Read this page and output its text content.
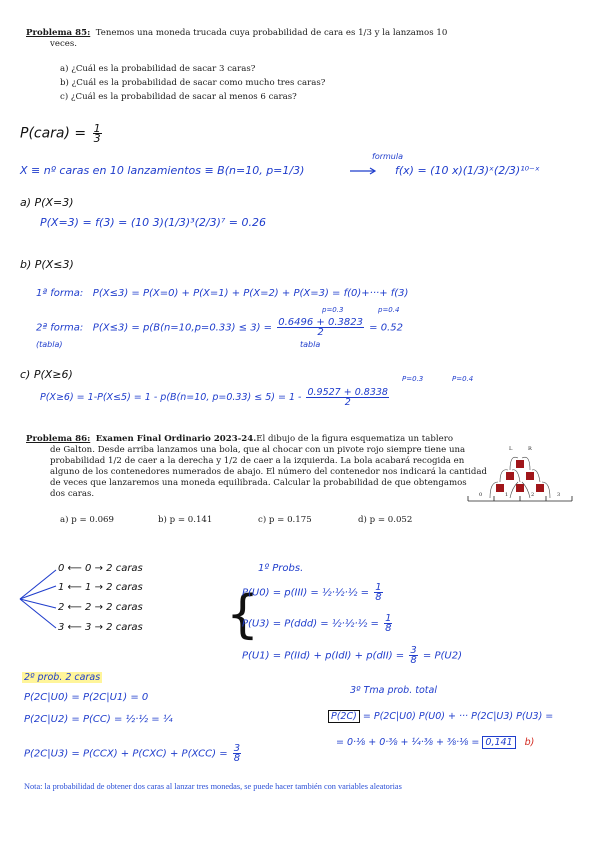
Problema 85: Tenemos una moneda trucada cuya probabilidad de cara es 1/3 y la lanzamos 10
veces.
a) ¿Cuál es la probabilidad de sacar 3 caras?
b) ¿Cuál es la probabilidad de sacar como mucho tres caras?
c) ¿Cuál es la probabilidad de sacar al menos 6 caras?
P(cara) = $\frac{1}{3}$
formula
X ≡ nº caras en 10 lanzamientos ≡ B(n=10, p=1/3)	f(x) = (10 x)(1/3)ˣ(2/3)¹⁰⁻ˣ
a) P(X=3)
P(X=3) = f(3) = (10 3)(1/3)³(2/3)⁷ = 0.26
b) P(X≤3)
1ª forma: P(X≤3) = P(X=0) + P(X=1) + P(X=2) + P(X=3) = f(0)+···+ f(3)
p=0.3	p=0.4
2ª forma: $P(X\le 3) = p(B(n=10,p=0.33) \le 3) = \frac{0.6496 + 0.3823}{2} = 0.52$
(tabla)	tabla
c) P(X≥6)	P=0.3	P=0.4
P(X≥6) = 1-P(X≤5) = 1 - p(B(n=10, $p=0.33) \le 5) = 1 - \frac{0.9527 + 0.8338}{2}$
Problema 86: Examen Final Ordinario 2023-24.El dibujo de la figura esquematiza un tablero
de Galton. Desde arriba lanzamos una bola, que al chocar con un pivote rojo siempre tiene una
probabilidad 1/2 de caer a la derecha y 1/2 de caer a la izquierda. La bola acabará recogida en
alguno de los contenedores numerados de abajo. El número del contenedor nos indicará la cantidad
de veces que lanzaremos una moneda equilibrada. Calcular la probabilidad de que obtengamos
dos caras.
a) p = 0.069	b) p = 0.141	c) p = 0.175	d) p = 0.052
L	R
0	1	2	3
0 ⟵ 0 → 2 caras
1 ⟵ 1 → 2 caras
2 ⟵ 2 → 2 caras
3 ⟵ 3 → 2 caras
1º Probs.
{
P(U0) = p(III) = ½·½·½ = $\frac{1}{8}$
P(U3) = P(ddd) = ½·½·½ = $\frac{1}{8}$
$P(U1) = P(IId) + p(IdI) + p(dII) = \frac{3}{8} = P(U2)$
2º prob. 2 caras
P(2C|U0) = P(2C|U1) = 0
P(2C|U2) = P(CC) = ½·½ = ¼
$P(2C|U3) = P(CCX) + P(CXC) + P(XCC) = \frac{3}{8}$
3º Tma prob. total
P(2C) = P(2C|U0) P(U0) + ··· P(2C|U3) P(U3) =
= 0·⅛ + 0·⅜ + ¼·⅜ + ⅜·⅛ = 0,141 b)
Nota: la probabilidad de obtener dos caras al lanzar tres monedas, se puede hacer también con variables aleatorias
